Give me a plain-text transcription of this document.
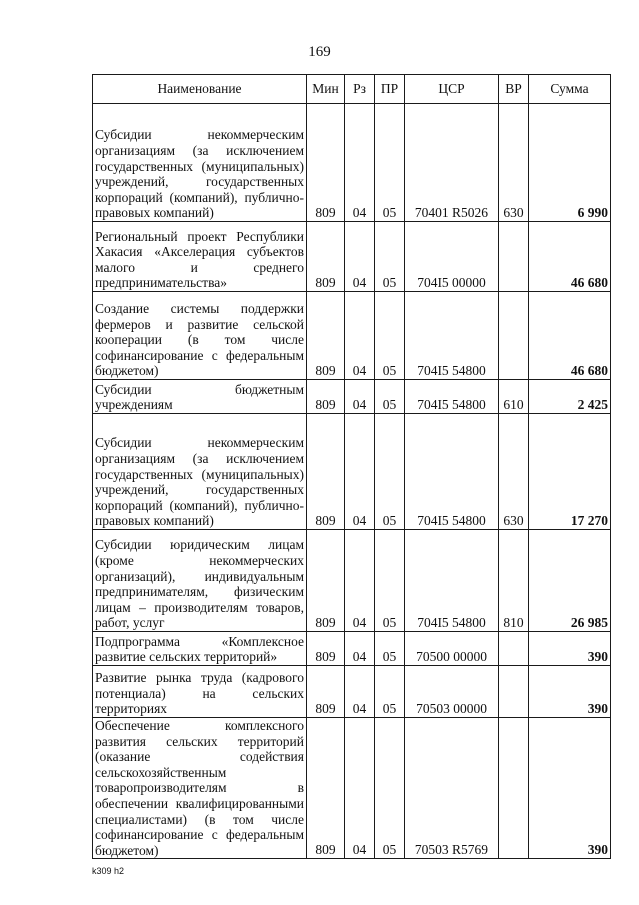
169
Наименование	Мин	Рз	ПР	ЦСР	ВР	Сумма
Субсидии некоммерческим организациям (за исключением государственных (муниципальных) учреждений, государственных корпораций (компаний), публично-правовых компаний)	809	04	05	70401 R5026	630	6 990
Региональный проект Республики Хакасия «Акселерация субъектов малого и среднего предпринимательства»	809	04	05	704I5 00000		46 680
Создание системы поддержки фермеров и развитие сельской кооперации (в том числе софинансирование с федеральным бюджетом)	809	04	05	704I5 54800		46 680
Субсидии бюджетным учреждениям	809	04	05	704I5 54800	610	2 425
Субсидии некоммерческим организациям (за исключением государственных (муниципальных) учреждений, государственных корпораций (компаний), публично-правовых компаний)	809	04	05	704I5 54800	630	17 270
Субсидии юридическим лицам (кроме некоммерческих организаций), индивидуальным предпринимателям, физическим лицам – производителям товаров, работ, услуг	809	04	05	704I5 54800	810	26 985
Подпрограмма «Комплексное развитие сельских территорий»	809	04	05	70500 00000		390
Развитие рынка труда (кадрового потенциала) на сельских территориях	809	04	05	70503 00000		390
Обеспечение комплексного развития сельских территорий (оказание содействия сельскохозяйственным товаропроизводителям в обеспечении квалифицированными специалистами) (в том числе софинансирование с федеральным бюджетом)	809	04	05	70503 R5769		390
k309 h2
